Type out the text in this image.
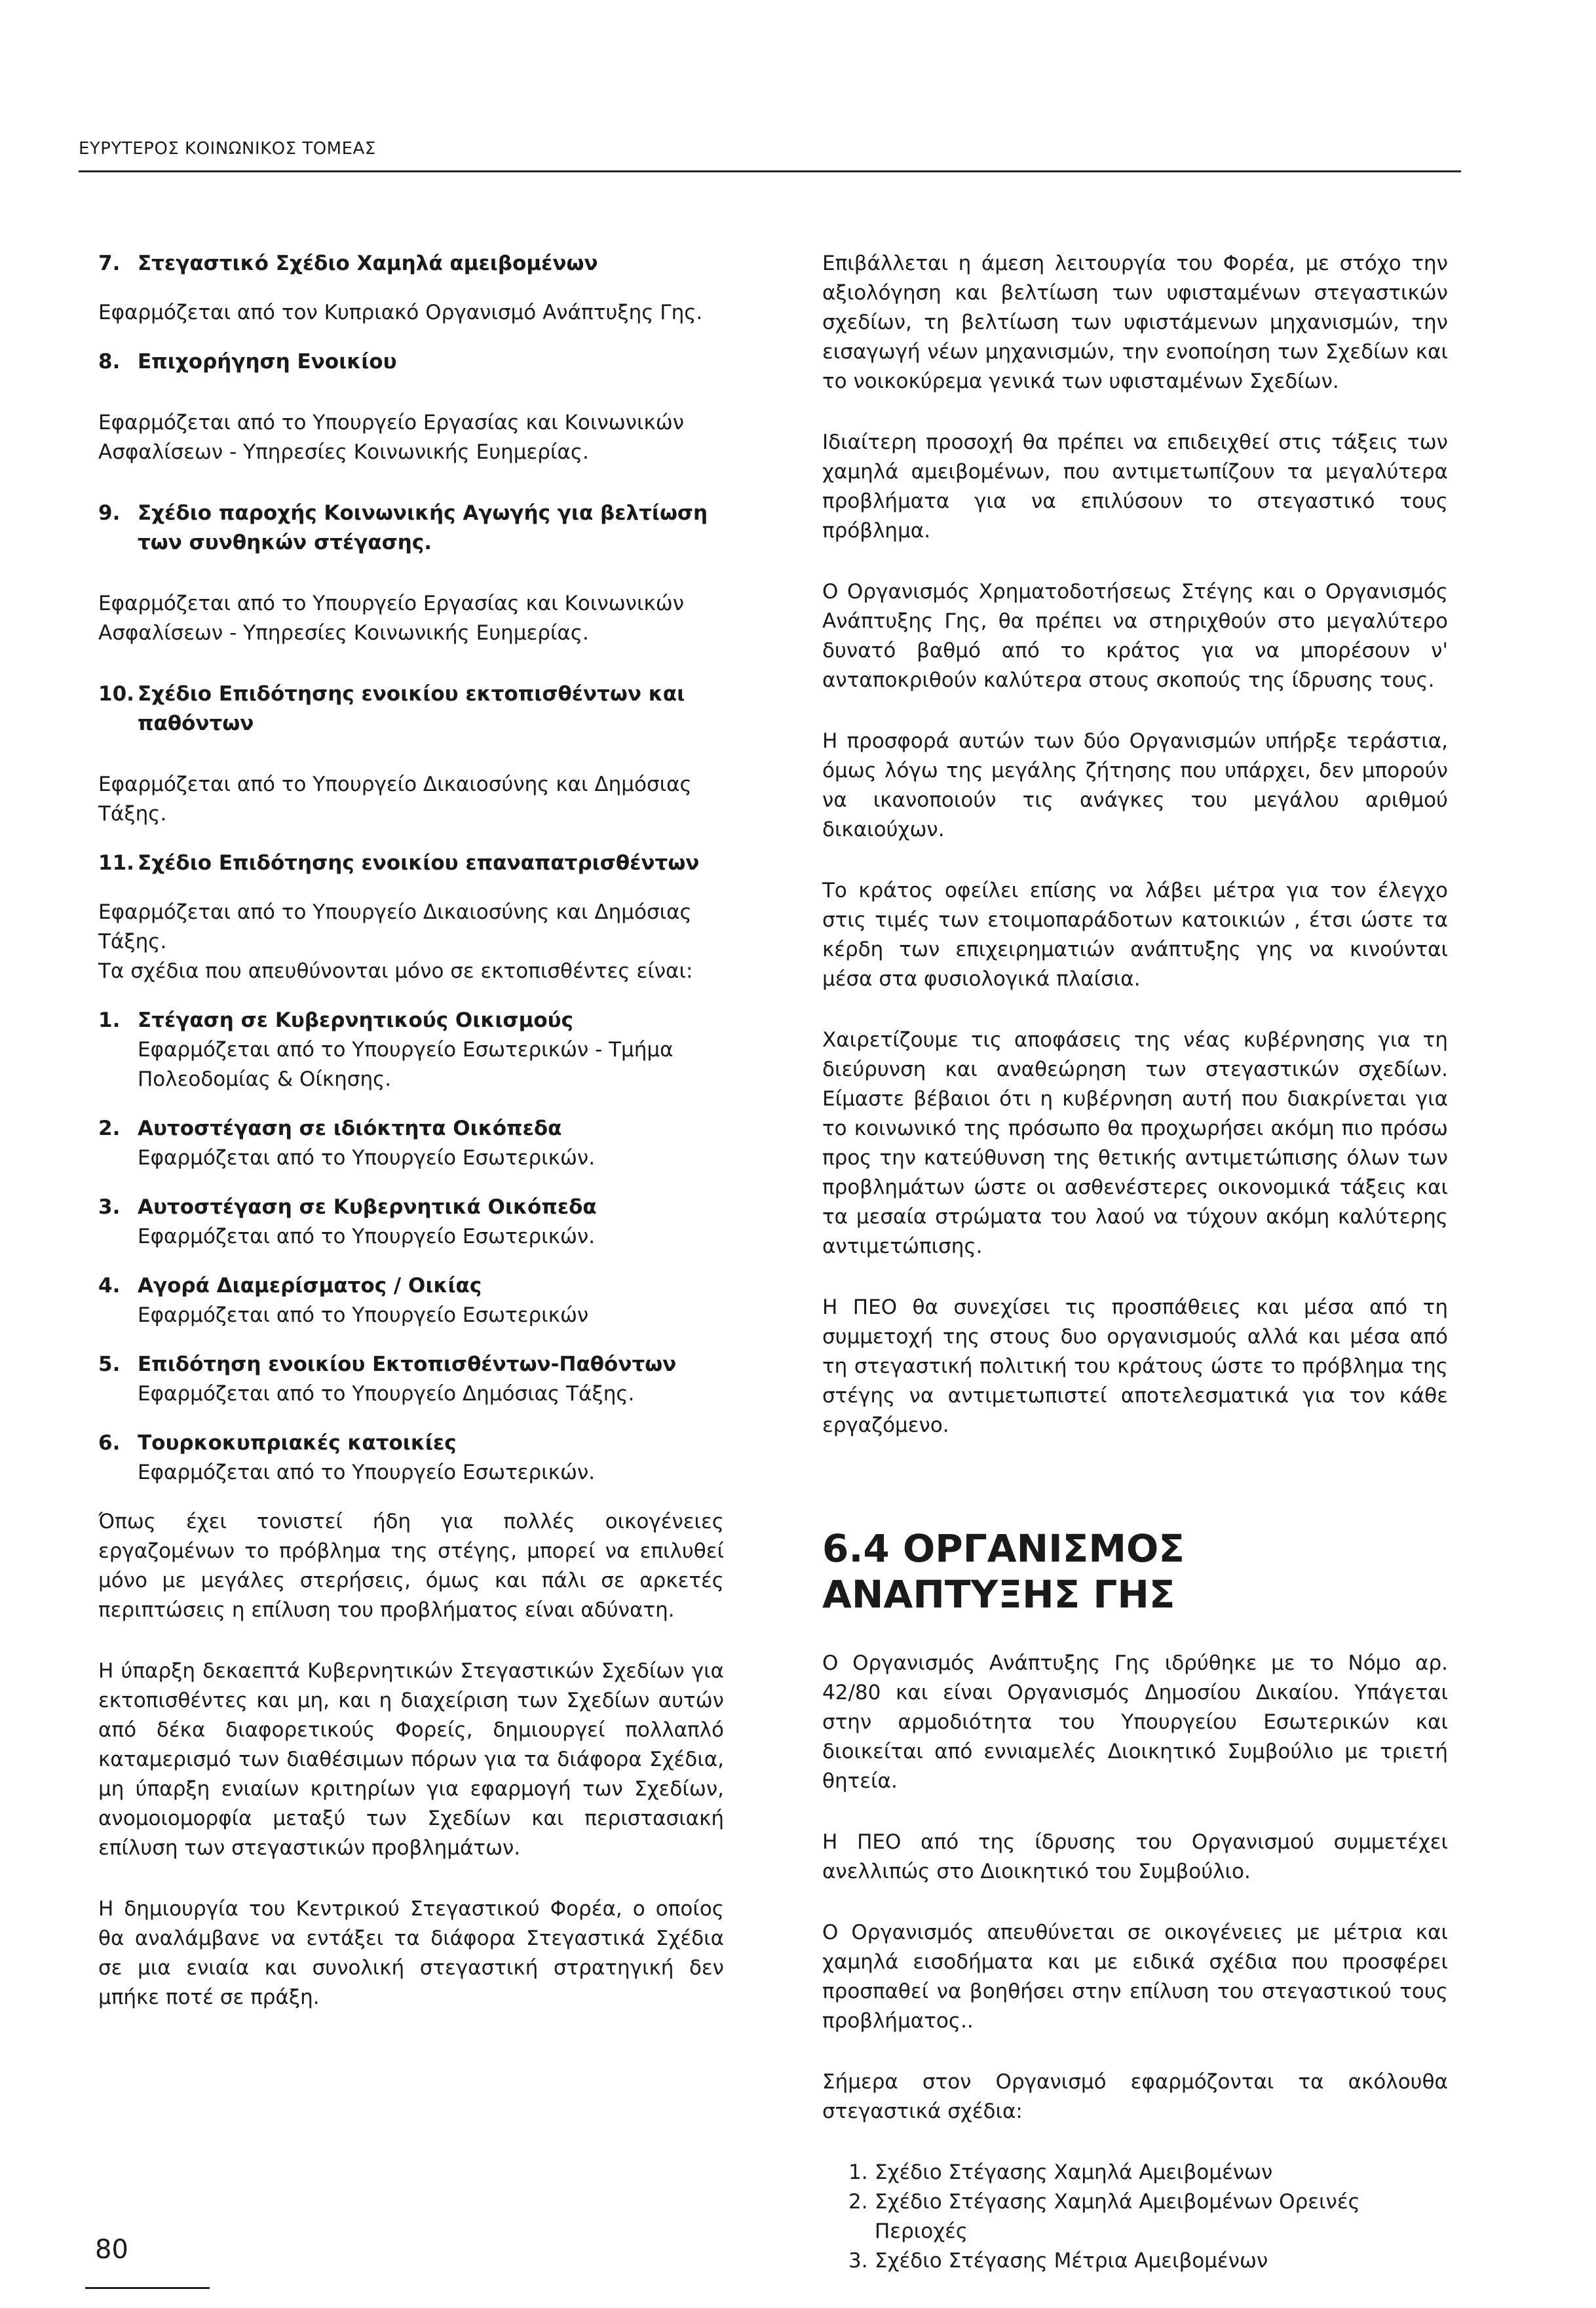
ΕΥΡΥΤΕΡΟΣ ΚΟΙΝΩΝΙΚΟΣ ΤΟΜΕΑΣ
7. Στεγαστικό Σχέδιο Χαμηλά αμειβομένων

Εφαρμόζεται από τον Κυπριακό Οργανισμό Ανάπτυξης Γης.

8. Επιχορήγηση Ενοικίου

Εφαρμόζεται από το Υπουργείο Εργασίας και Κοινωνικών Ασφαλίσεων - Υπηρεσίες Κοινωνικής Ευημερίας.

9. Σχέδιο παροχής Κοινωνικής Αγωγής για βελτίωση των συνθηκών στέγασης.

Εφαρμόζεται από το Υπουργείο Εργασίας και Κοινωνικών Ασφαλίσεων - Υπηρεσίες Κοινωνικής Ευημερίας.

10. Σχέδιο Επιδότησης ενοικίου εκτοπισθέντων και παθόντων

Εφαρμόζεται από το Υπουργείο Δικαιοσύνης και Δημόσιας Τάξης.

11. Σχέδιο Επιδότησης ενοικίου επαναπατρισθέντων

Εφαρμόζεται από το Υπουργείο Δικαιοσύνης και Δημόσιας Τάξης.

Τα σχέδια που απευθύνονται μόνο σε εκτοπισθέντες είναι:

1. Στέγαση σε Κυβερνητικούς Οικισμούς
Εφαρμόζεται από το Υπουργείο Εσωτερικών - Τμήμα Πολεοδομίας & Οίκησης.
2. Αυτοστέγαση σε ιδιόκτητα Οικόπεδα
Εφαρμόζεται από το Υπουργείο Εσωτερικών.
3. Αυτοστέγαση σε Κυβερνητικά Οικόπεδα
Εφαρμόζεται από το Υπουργείο Εσωτερικών.
4. Αγορά Διαμερίσματος / Οικίας
Εφαρμόζεται από το Υπουργείο Εσωτερικών
5. Επιδότηση ενοικίου Εκτοπισθέντων-Παθόντων
Εφαρμόζεται από το Υπουργείο Δημόσιας Τάξης.
6. Τουρκοκυπριακές κατοικίες
Εφαρμόζεται από το Υπουργείο Εσωτερικών.

Όπως έχει τονιστεί ήδη για πολλές οικογένειες εργαζομένων το πρόβλημα της στέγης, μπορεί να επιλυθεί μόνο με μεγάλες στερήσεις, όμως και πάλι σε αρκετές περιπτώσεις η επίλυση του προβλήματος είναι αδύνατη.

Η ύπαρξη δεκαεπτά Κυβερνητικών Στεγαστικών Σχεδίων για εκτοπισθέντες και μη, και η διαχείριση των Σχεδίων αυτών από δέκα διαφορετικούς Φορείς, δημιουργεί πολλαπλό καταμερισμό των διαθέσιμων πόρων για τα διάφορα Σχέδια, μη ύπαρξη ενιαίων κριτηρίων για εφαρμογή των Σχεδίων, ανομοιομορφία μεταξύ των Σχεδίων και περιστασιακή επίλυση των στεγαστικών προβλημάτων.

Η δημιουργία του Κεντρικού Στεγαστικού Φορέα, ο οποίος θα αναλάμβανε να εντάξει τα διάφορα Στεγαστικά Σχέδια σε μια ενιαία και συνολική στεγαστική στρατηγική δεν μπήκε ποτέ σε πράξη.

Επιβάλλεται η άμεση λειτουργία του Φορέα, με στόχο την αξιολόγηση και βελτίωση των υφισταμένων στεγαστικών σχεδίων, τη βελτίωση των υφιστάμενων μηχανισμών, την εισαγωγή νέων μηχανισμών, την ενοποίηση των Σχεδίων και το νοικοκύρεμα γενικά των υφισταμένων Σχεδίων.

Ιδιαίτερη προσοχή θα πρέπει να επιδειχθεί στις τάξεις των χαμηλά αμειβομένων, που αντιμετωπίζουν τα μεγαλύτερα προβλήματα για να επιλύσουν το στεγαστικό τους πρόβλημα.

Ο Οργανισμός Χρηματοδοτήσεως Στέγης και ο Οργανισμός Ανάπτυξης Γης, θα πρέπει να στηριχθούν στο μεγαλύτερο δυνατό βαθμό από το κράτος για να μπορέσουν ν' ανταποκριθούν καλύτερα στους σκοπούς της ίδρυσης τους.

Η προσφορά αυτών των δύο Οργανισμών υπήρξε τεράστια, όμως λόγω της μεγάλης ζήτησης που υπάρχει, δεν μπορούν να ικανοποιούν τις ανάγκες του μεγάλου αριθμού δικαιούχων.

Το κράτος οφείλει επίσης να λάβει μέτρα για τον έλεγχο στις τιμές των ετοιμοπαράδοτων κατοικιών , έτσι ώστε τα κέρδη των επιχειρηματιών ανάπτυξης γης να κινούνται μέσα στα φυσιολογικά πλαίσια.

Χαιρετίζουμε τις αποφάσεις της νέας κυβέρνησης για τη διεύρυνση και αναθεώρηση των στεγαστικών σχεδίων. Είμαστε βέβαιοι ότι η κυβέρνηση αυτή που διακρίνεται για το κοινωνικό της πρόσωπο θα προχωρήσει ακόμη πιο πρόσω προς την κατεύθυνση της θετικής αντιμετώπισης όλων των προβλημάτων ώστε οι ασθενέστερες οικονομικά τάξεις και τα μεσαία στρώματα του λαού να τύχουν ακόμη καλύτερης αντιμετώπισης.

Η ΠΕΟ θα συνεχίσει τις προσπάθειες και μέσα από τη συμμετοχή της στους δυο οργανισμούς αλλά και μέσα από τη στεγαστική πολιτική του κράτους ώστε το πρόβλημα της στέγης να αντιμετωπιστεί αποτελεσματικά για τον κάθε εργαζόμενο.

6.4 ΟΡΓΑΝΙΣΜΟΣ ΑΝΑΠΤΥΞΗΣ ΓΗΣ

Ο Οργανισμός Ανάπτυξης Γης ιδρύθηκε με το Νόμο αρ. 42/80 και είναι Οργανισμός Δημοσίου Δικαίου. Υπάγεται στην αρμοδιότητα του Υπουργείου Εσωτερικών και διοικείται από εννιαμελές Διοικητικό Συμβούλιο με τριετή θητεία.

Η ΠΕΟ από της ίδρυσης του Οργανισμού συμμετέχει ανελλιπώς στο Διοικητικό του Συμβούλιο.

Ο Οργανισμός απευθύνεται σε οικογένειες με μέτρια και χαμηλά εισοδήματα και με ειδικά σχέδια που προσφέρει προσπαθεί να βοηθήσει στην επίλυση του στεγαστικού τους προβλήματος..

Σήμερα στον Οργανισμό εφαρμόζονται τα ακόλουθα στεγαστικά σχέδια:

1. Σχέδιο Στέγασης Χαμηλά Αμειβομένων
2. Σχέδιο Στέγασης Χαμηλά Αμειβομένων Ορεινές Περιοχές
3. Σχέδιο Στέγασης Μέτρια Αμειβομένων
80
